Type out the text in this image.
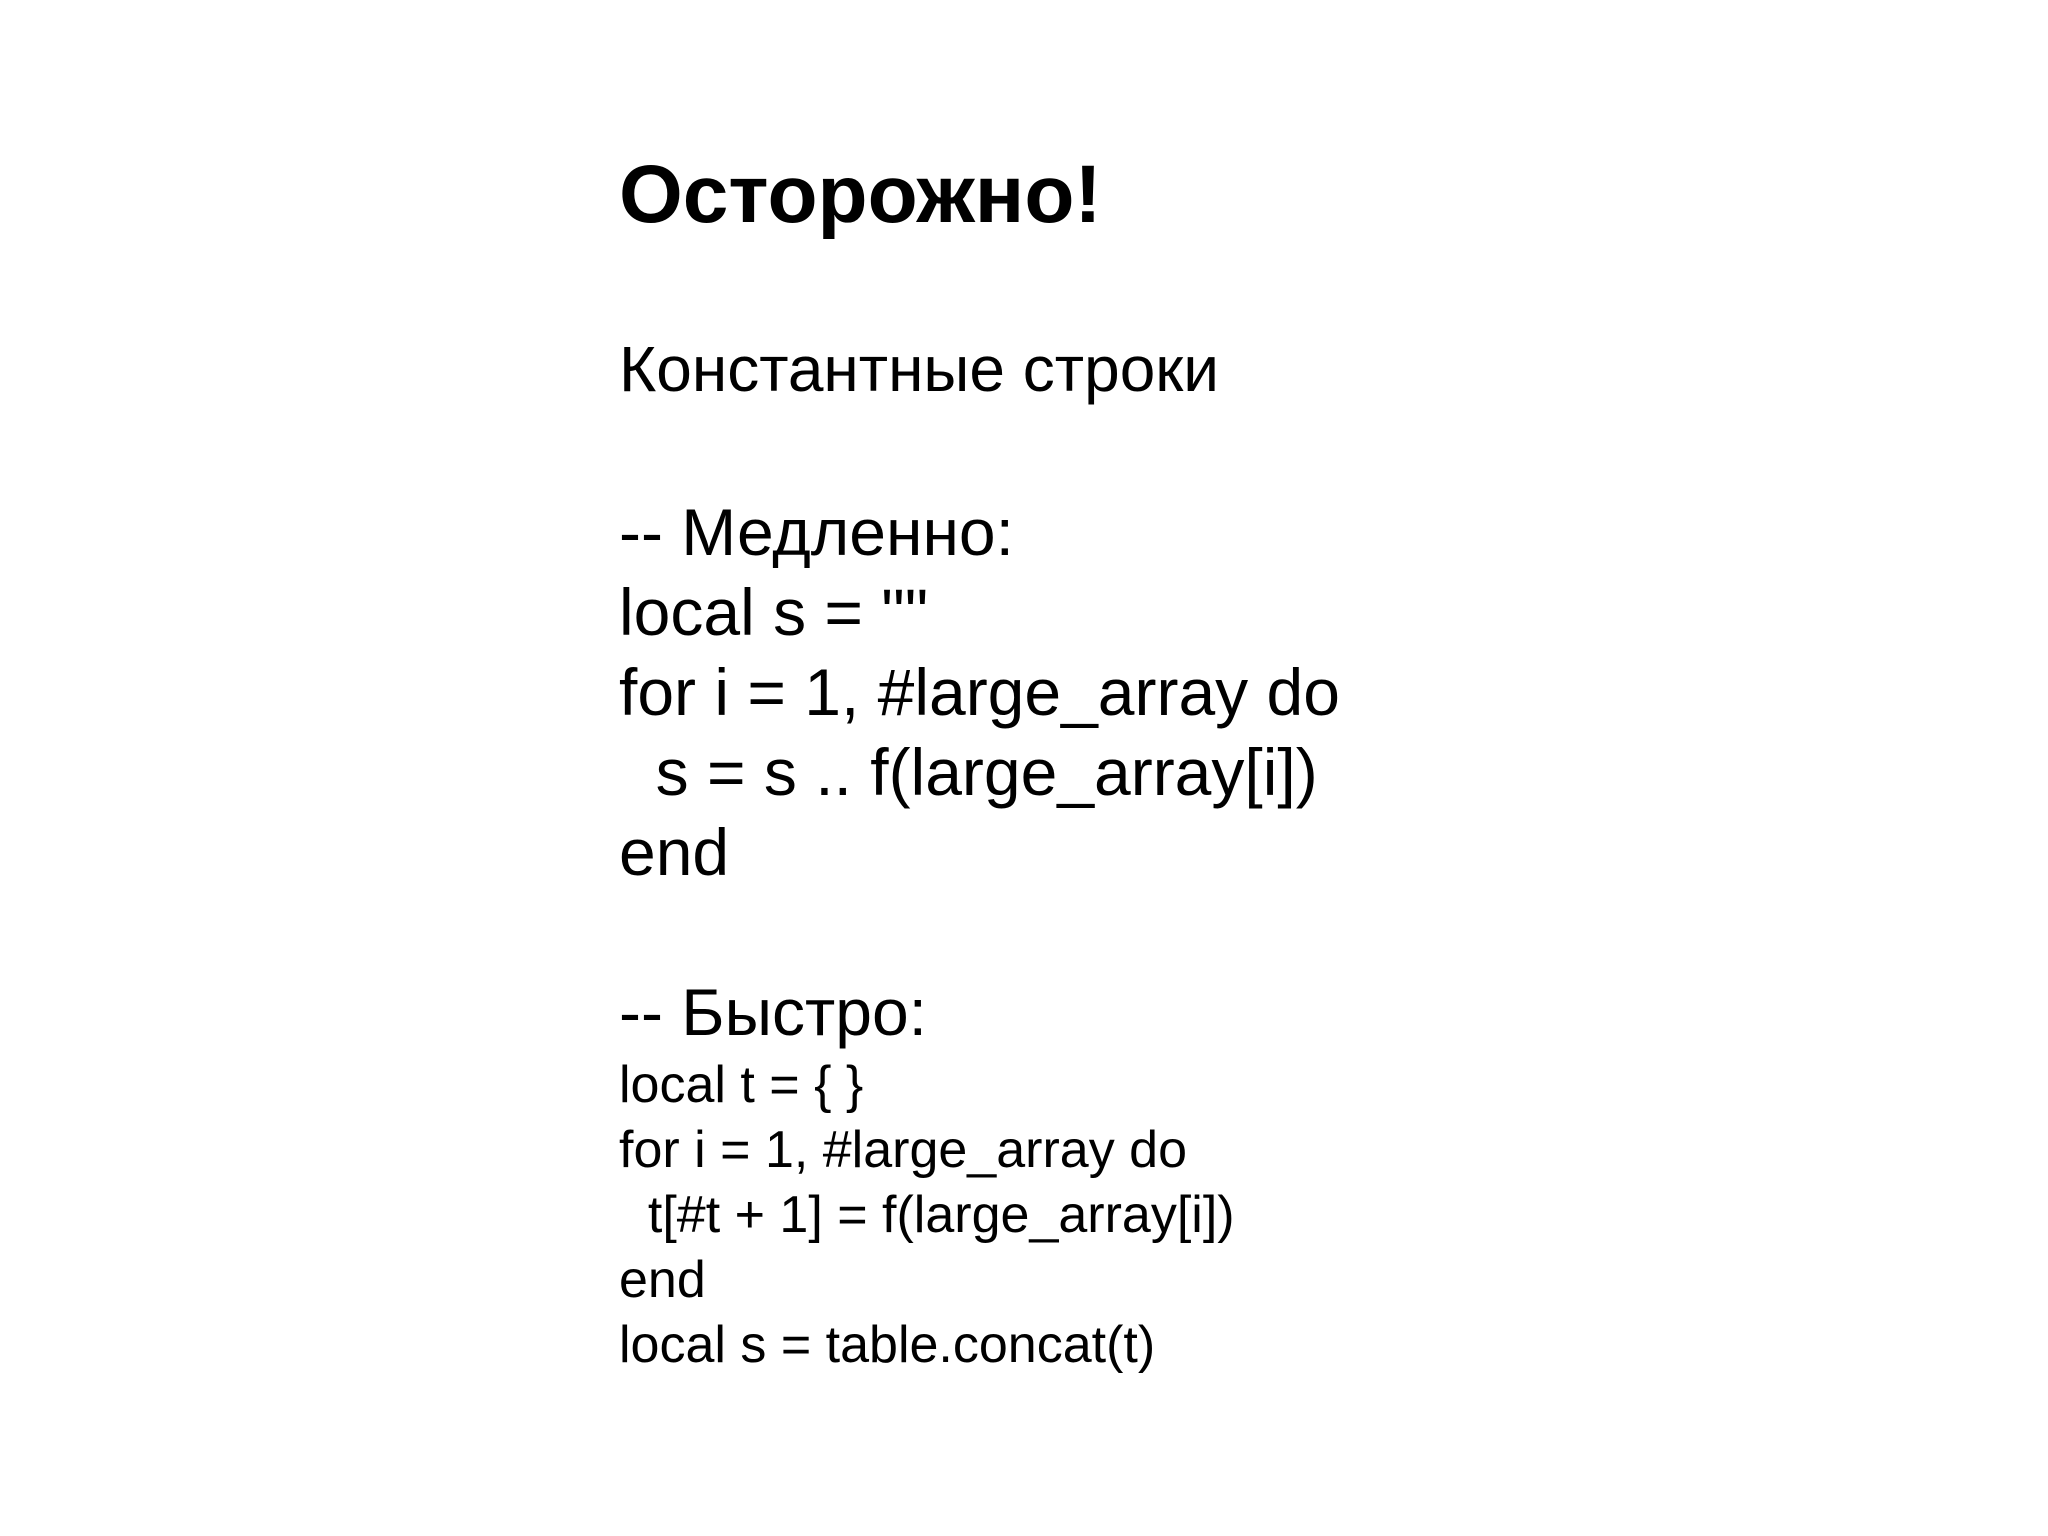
Осторожно!
Константные строки
-- Медленно:
local s = ""
for i = 1, #large_array do
s = s .. f(large_array[i])
end
-- Быстро:
local t = { }
for i = 1, #large_array do
t[#t + 1] = f(large_array[i])
end
local s = table.concat(t)
